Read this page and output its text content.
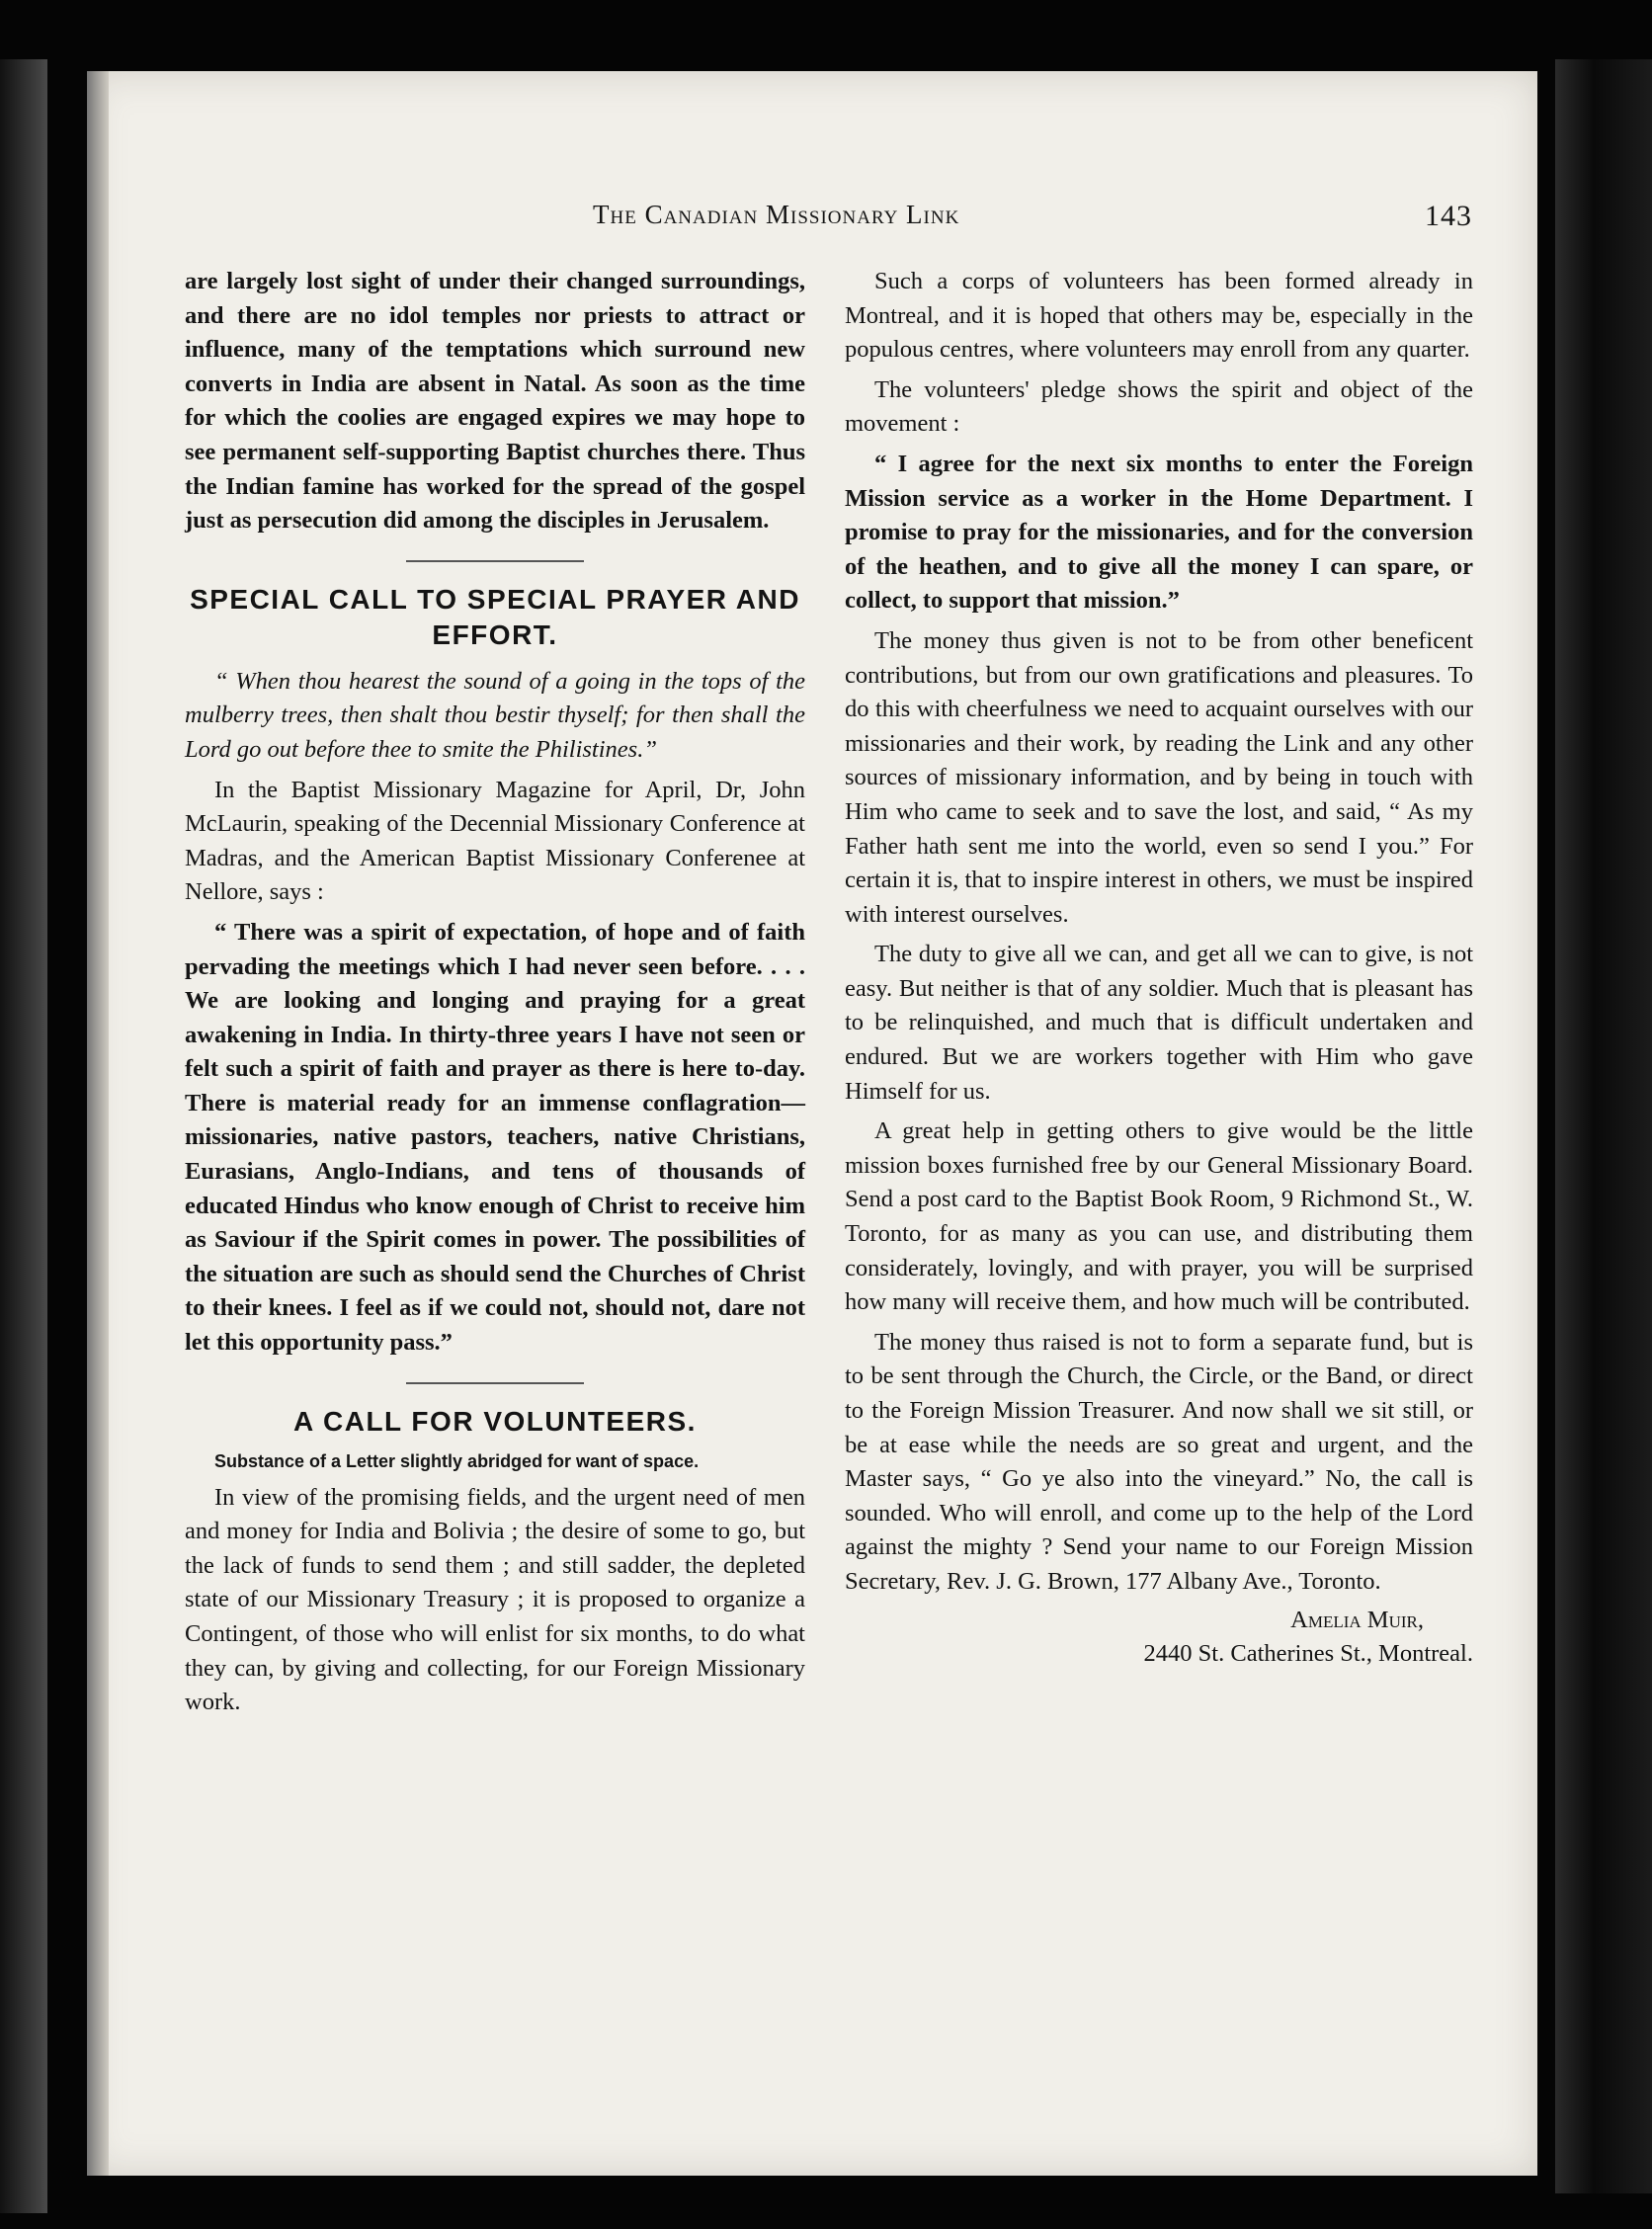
The Canadian Missionary Link	143

are largely lost sight of under their changed surroundings, and there are no idol temples nor priests to attract or influence, many of the temptations which surround new converts in India are absent in Natal. As soon as the time for which the coolies are engaged expires we may hope to see permanent self-supporting Baptist churches there. Thus the Indian famine has worked for the spread of the gospel just as persecution did among the disciples in Jerusalem.

SPECIAL CALL TO SPECIAL PRAYER AND EFFORT.

“ When thou hearest the sound of a going in the tops of the mulberry trees, then shalt thou bestir thyself; for then shall the Lord go out before thee to smite the Philistines.”

In the Baptist Missionary Magazine for April, Dr, John McLaurin, speaking of the Decennial Missionary Conference at Madras, and the American Baptist Missionary Conferenee at Nellore, says :

“ There was a spirit of expectation, of hope and of faith pervading the meetings which I had never seen before. . . . We are looking and longing and praying for a great awakening in India. In thirty-three years I have not seen or felt such a spirit of faith and prayer as there is here to-day. There is material ready for an immense conflagration—missionaries, native pastors, teachers, native Christians, Eurasians, Anglo-Indians, and tens of thousands of educated Hindus who know enough of Christ to receive him as Saviour if the Spirit comes in power. The possibilities of the situation are such as should send the Churches of Christ to their knees. I feel as if we could not, should not, dare not let this opportunity pass.”

A CALL FOR VOLUNTEERS.
Substance of a Letter slightly abridged for want of space.

In view of the promising fields, and the urgent need of men and money for India and Bolivia ; the desire of some to go, but the lack of funds to send them ; and still sadder, the depleted state of our Missionary Treasury ; it is proposed to organize a Contingent, of those who will enlist for six months, to do what they can, by giving and collecting, for our Foreign Missionary work.

Such a corps of volunteers has been formed already in Montreal, and it is hoped that others may be, especially in the populous centres, where volunteers may enroll from any quarter.

The volunteers' pledge shows the spirit and object of the movement :

“ I agree for the next six months to enter the Foreign Mission service as a worker in the Home Department. I promise to pray for the missionaries, and for the conversion of the heathen, and to give all the money I can spare, or collect, to support that mission.”

The money thus given is not to be from other beneficent contributions, but from our own gratifications and pleasures. To do this with cheerfulness we need to acquaint ourselves with our missionaries and their work, by reading the Link and any other sources of missionary information, and by being in touch with Him who came to seek and to save the lost, and said, “ As my Father hath sent me into the world, even so send I you.” For certain it is, that to inspire interest in others, we must be inspired with interest ourselves.

The duty to give all we can, and get all we can to give, is not easy. But neither is that of any soldier. Much that is pleasant has to be relinquished, and much that is difficult undertaken and endured. But we are workers together with Him who gave Himself for us.

A great help in getting others to give would be the little mission boxes furnished free by our General Missionary Board. Send a post card to the Baptist Book Room, 9 Richmond St., W. Toronto, for as many as you can use, and distributing them considerately, lovingly, and with prayer, you will be surprised how many will receive them, and how much will be contributed.

The money thus raised is not to form a separate fund, but is to be sent through the Church, the Circle, or the Band, or direct to the Foreign Mission Treasurer. And now shall we sit still, or be at ease while the needs are so great and urgent, and the Master says, “ Go ye also into the vineyard.” No, the call is sounded. Who will enroll, and come up to the help of the Lord against the mighty ? Send your name to our Foreign Mission Secretary, Rev. J. G. Brown, 177 Albany Ave., Toronto.

Amelia Muir,
2440 St. Catherines St., Montreal.
